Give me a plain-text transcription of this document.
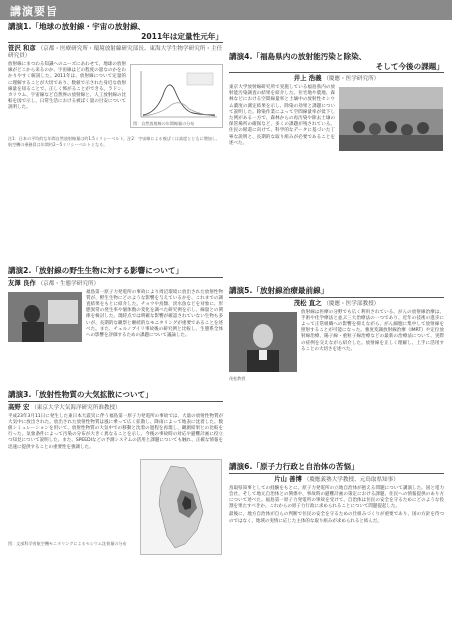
講演要旨

講演1.「地球の放射線・宇宙の放射線、

2011年は定量性元年」

笹沢 和彦 （京都・医療研究所・環境放射線研究部長、東海大学生物学研究所・主任研究員）

放射線にまつわる知識へのニーズにあわせて、地球の放射線がどこから来るのか、宇宙線はどの程度の量なのかをわかりやすく解説した。2011年は、放射線について定量的に理解することが大切であり、数値で示された身近な放射線量を知ることで、正しく怖がることができる。ラドン、カリウム、宇宙線など自然界の放射線と、人工放射線の比較を図で示し、日常生活における被ばく量の目安について説明した。

図：自然放射線の年間線量の分布

注1：日本の平均的な年間自然放射線量は約1.5ミリシーベルト。注2：宇宙線による被ばくは高度とともに増加し、航空機の乗務員は年間約2〜5ミリシーベルトとなる。

講演2.「放射線の野生生物に対する影響について」

友澤 良作 （京都・生態学研究所）

福島第一原子力発電所の事故により周辺環境に放出された放射性物質が、野生生物にどのような影響を与えているかを、これまでの調査結果をもとに紹介した。チョウや鳥類、淡水魚などを対象に、形態異常の発生率や個体数の変化を調べた研究例を示し、線量との関係を検討した。現時点では明確な影響が確認されていない生物も多いが、長期的な観察と継続的なモニタリングが重要であることを述べた。また、チェルノブイリ事故後の研究例と比較し、生態系全体への影響を評価するための課題について議論した。

講演3.「放射性物質の大気拡散について」

高野 宏 （東京大学大気海洋研究所准教授）

平成23年3月11日に発生した東日本大震災に伴う福島第一原子力発電所の事故では、大量の放射性物質が大気中に放出された。放出された放射性物質は風に乗って広く拡散し、降雨によって地表に沈着した。数値シミュレーションを用いて、放射性物質の大気中での移動と沈着の過程を再現し、観測結果との比較を行った。気象条件によって汚染の分布が大きく異なることを示し、今後の事故時の対応や避難計画に役立つ知見について説明した。また、SPEEDIなどの予測システムの活用と課題についても触れ、正確な情報を迅速に提供することの重要性を強調した。

図：文部科学省航空機モニタリングによるセシウム沈着量の分布

講演4.「福島県内の放射能汚染と除染、

そして今後の課題」

井上 浩義 （慶應・医学研究所）

東京大学放射線研究所で実施している福島県内の放射能汚染調査の結果を紹介した。住宅地や農地、森林などにおける空間線量率と土壌中の放射性セシウム濃度の測定結果を示し、除染の効果と課題について説明した。除染作業によって空間線量率が低下した例がある一方で、森林からの再汚染や除去土壌の保管場所の確保など、多くの課題が残されている。住民の帰還に向けて、科学的なデータに基づいた丁寧な説明と、長期的な取り組みが必要であることを述べた。

講演5.「放射線治療最前線」

茂松 直之 （慶應・医学部教授）
茂松教授

放射線は医療の分野でも広く利用されている。がんの放射線治療は、手術や化学療法と並ぶ三大治療法の一つであり、近年の技術の進歩によって正常組織への影響を抑えながら、がん細胞に集中して放射線を照射することが可能になった。強度変調放射線治療（IMRT）や定位放射線治療、陽子線・重粒子線治療などの最新の治療法について、実際の症例を交えながら紹介した。放射線を正しく理解し、上手に活用することの大切さを述べた。

講演6.「原子力行政と自治体の苦悩」

片山 善博 （慶應義塾大学教授、元鳥取県知事）

鳥取県知事としての経験をもとに、原子力発電所の立地自治体が抱える問題について講演した。国と電力会社、そして地元自治体との関係や、事故時の避難計画の策定における課題、住民への情報提供のあり方について述べた。福島第一原子力発電所の事故を受けて、自治体は住民の安全を守るためにどのような役割を果たすべきか、これからの原子力行政に求められることについて問題提起した。

最後に、地方自治体が自らの判断で住民の安全を守るための仕組みづくりが重要であり、国の方針を待つのではなく、地域の実情に応じた主体的な取り組みが求められると結んだ。
